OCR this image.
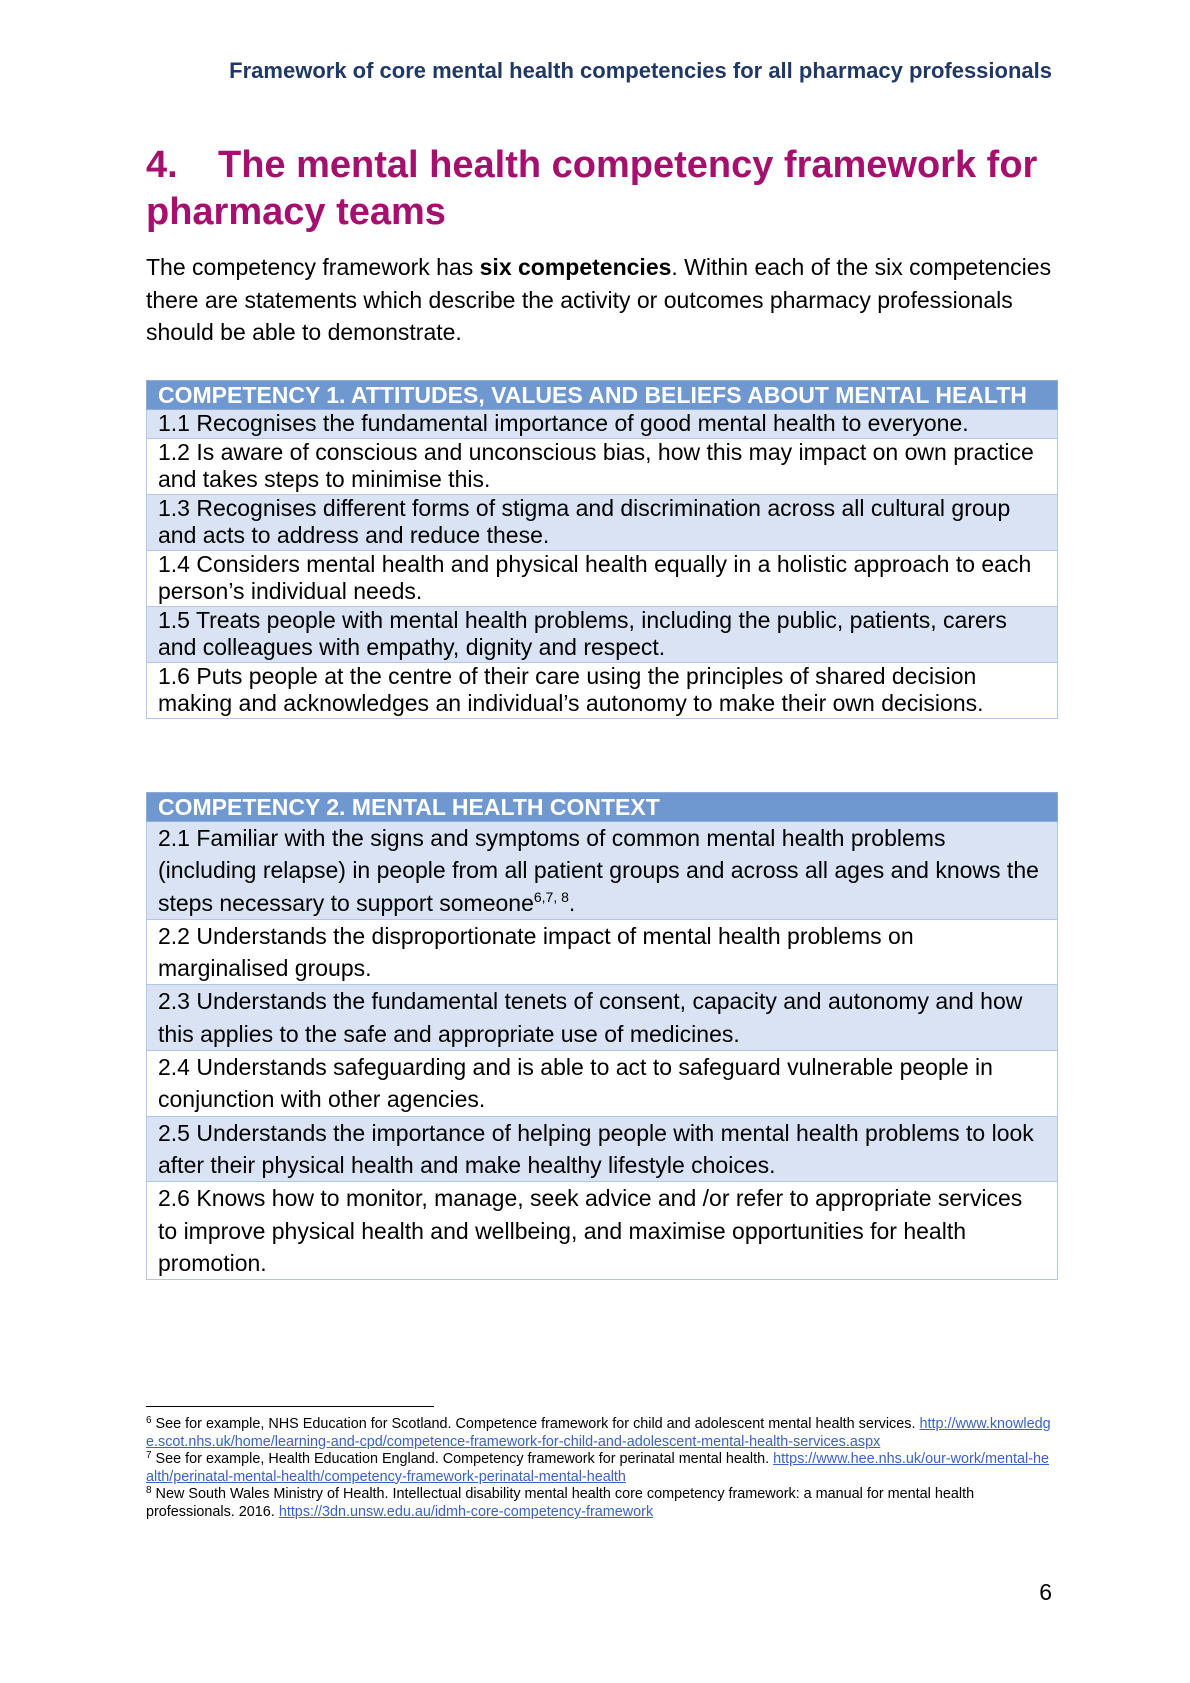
Framework of core mental health competencies for all pharmacy professionals
4. The mental health competency framework for pharmacy teams

The competency framework has six competencies. Within each of the six competencies there are statements which describe the activity or outcomes pharmacy professionals should be able to demonstrate.

COMPETENCY 1. ATTITUDES, VALUES AND BELIEFS ABOUT MENTAL HEALTH
1.1 Recognises the fundamental importance of good mental health to everyone.
1.2 Is aware of conscious and unconscious bias, how this may impact on own practice and takes steps to minimise this.
1.3 Recognises different forms of stigma and discrimination across all cultural group and acts to address and reduce these.
1.4 Considers mental health and physical health equally in a holistic approach to each person’s individual needs.
1.5 Treats people with mental health problems, including the public, patients, carers and colleagues with empathy, dignity and respect.
1.6 Puts people at the centre of their care using the principles of shared decision making and acknowledges an individual’s autonomy to make their own decisions.
COMPETENCY 2. MENTAL HEALTH CONTEXT
2.1 Familiar with the signs and symptoms of common mental health problems (including relapse) in people from all patient groups and across all ages and knows the steps necessary to support someone$^{6,7, 8}$.
2.2 Understands the disproportionate impact of mental health problems on marginalised groups.
2.3 Understands the fundamental tenets of consent, capacity and autonomy and how this applies to the safe and appropriate use of medicines.
2.4 Understands safeguarding and is able to act to safeguard vulnerable people in conjunction with other agencies.
2.5 Understands the importance of helping people with mental health problems to look after their physical health and make healthy lifestyle choices.
2.6 Knows how to monitor, manage, seek advice and /or refer to appropriate services to improve physical health and wellbeing, and maximise opportunities for health promotion.

$^6$ See for example, NHS Education for Scotland. Competence framework for child and adolescent mental health services. http://www.knowledge.scot.nhs.uk/home/learning-and-cpd/competence-framework-for-child-and-adolescent-mental-health-services.aspx

$^7$ See for example, Health Education England. Competency framework for perinatal mental health. https://www.hee.nhs.uk/our-work/mental-health/perinatal-mental-health/competency-framework-perinatal-mental-health

$^8$ New South Wales Ministry of Health. Intellectual disability mental health core competency framework: a manual for mental health professionals. 2016. https://3dn.unsw.edu.au/idmh-core-competency-framework

6
